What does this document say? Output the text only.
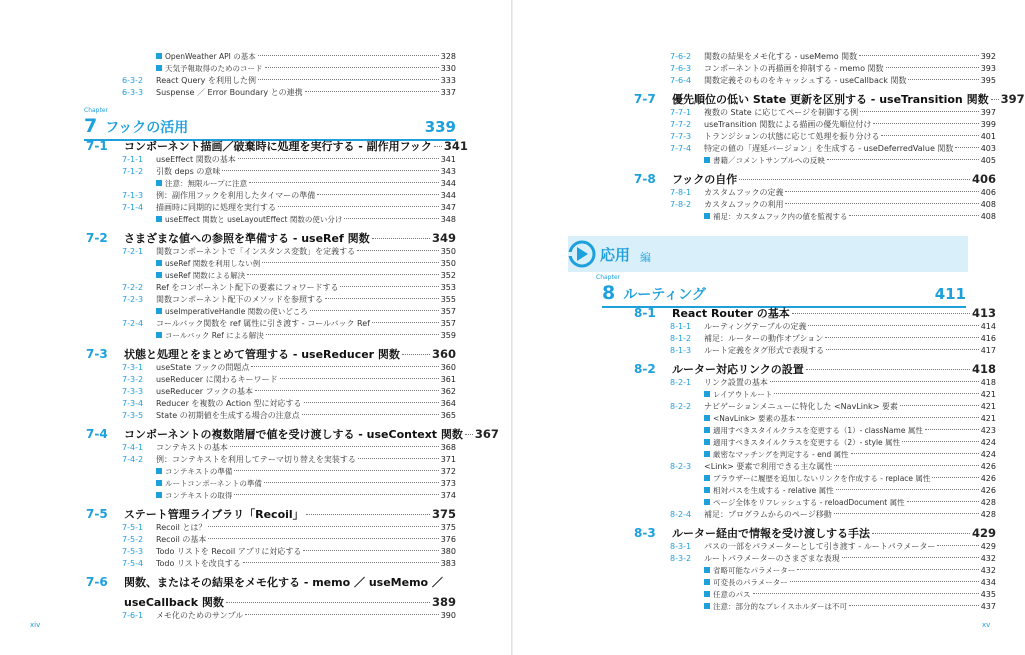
OpenWeather API の基本	328
天気予報取得のためのコード	330
6-3-2	React Query を利用した例	333
6-3-3	Suspense ／ Error Boundary との連携	337
Chapter
7 フックの活用	339
7-1	コンポーネント描画／破棄時に処理を実行する - 副作用フック 341
7-1-1	useEffect 関数の基本	341
7-1-2	引数 deps の意味	343
注意：無限ループに注意	344
7-1-3	例：副作用フックを利用したタイマーの準備	344
7-1-4	描画時に同期的に処理を実行する	347
useEffect 関数と useLayoutEffect 関数の使い分け	348
7-2	さまざまな値への参照を準備する - useRef 関数	349
7-2-1	関数コンポーネントで「インスタンス変数」を定義する	350
useRef 関数を利用しない例	350
useRef 関数による解決	352
7-2-2	Ref をコンポーネント配下の要素にフォワードする	353
7-2-3	関数コンポーネント配下のメソッドを参照する	355
useImperativeHandle 関数の使いどころ	357
7-2-4	コールバック関数を ref 属性に引き渡す - コールバック Ref	357
コールバック Ref による解決	359
7-3	状態と処理とをまとめて管理する - useReducer 関数	360
7-3-1	useState フックの問題点	360
7-3-2	useReducer に関わるキーワード	361
7-3-3	useReducer フックの基本	362
7-3-4	Reducer を複数の Action 型に対応する	364
7-3-5	State の初期値を生成する場合の注意点	365
7-4	コンポーネントの複数階層で値を受け渡しする - useContext 関数 367
7-4-1	コンテキストの基本	368
7-4-2	例：コンテキストを利用してテーマ切り替えを実装する	371
コンテキストの準備	372
ルートコンポーネントの準備	373
コンテキストの取得	374
7-5	ステート管理ライブラリ「Recoil」	375
7-5-1	Recoil とは？	375
7-5-2	Recoil の基本	376
7-5-3	Todo リストを Recoil アプリに対応する	380
7-5-4	Todo リストを改良する	383
7-6	関数、またはその結果をメモ化する - memo ／ useMemo ／
useCallback 関数	389
7-6-1	メモ化のためのサンプル	390
xiv
7-6-2	関数の結果をメモ化する - useMemo 関数	392
7-6-3	コンポーネントの再描画を抑制する - memo 関数	393
7-6-4	関数定義そのものをキャッシュする - useCallback 関数	395
7-7	優先順位の低い State 更新を区別する - useTransition 関数 397
7-7-1	複数の State に応じてページを制御する例	397
7-7-2	useTransition 関数による描画の優先順位付け	399
7-7-3	トランジションの状態に応じて処理を振り分ける	401
7-7-4	特定の値の「遅延バージョン」を生成する - useDeferredValue 関数	403
書籍／コメントサンプルへの反映	405
7-8	フックの自作	406
7-8-1	カスタムフックの定義	406
7-8-2	カスタムフックの利用	408
補足：カスタムフック内の値を監視する	408
Chapter
8 ルーティング	411
8-1	React Router の基本	413
8-1-1	ルーティングテーブルの定義	414
8-1-2	補足：ルーターの動作オプション	416
8-1-3	ルート定義をタグ形式で表現する	417
8-2	ルーター対応リンクの設置	418
8-2-1	リンク設置の基本	418
レイアウトルート	421
8-2-2	ナビゲーションメニューに特化した <NavLink> 要素	421
<NavLink> 要素の基本	421
適用すべきスタイルクラスを変更する（1）- className 属性	423
適用すべきスタイルクラスを変更する（2）- style 属性	424
厳密なマッチングを判定する - end 属性	424
8-2-3	<Link> 要素で利用できる主な属性	426
ブラウザーに履歴を追加しないリンクを作成する - replace 属性	426
相対パスを生成する - relative 属性	426
ページ全体をリフレッシュする - reloadDocument 属性	428
8-2-4	補足：プログラムからのページ移動	428
8-3	ルーター経由で情報を受け渡しする手法	429
8-3-1	パスの一部をパラメーターとして引き渡す - ルートパラメーター	429
8-3-2	ルートパラメーターのさまざまな表現	432
省略可能なパラメーター	432
可変長のパラメーター	434
任意のパス	435
注意：部分的なプレイスホルダーは不可	437
xv
応用 編
